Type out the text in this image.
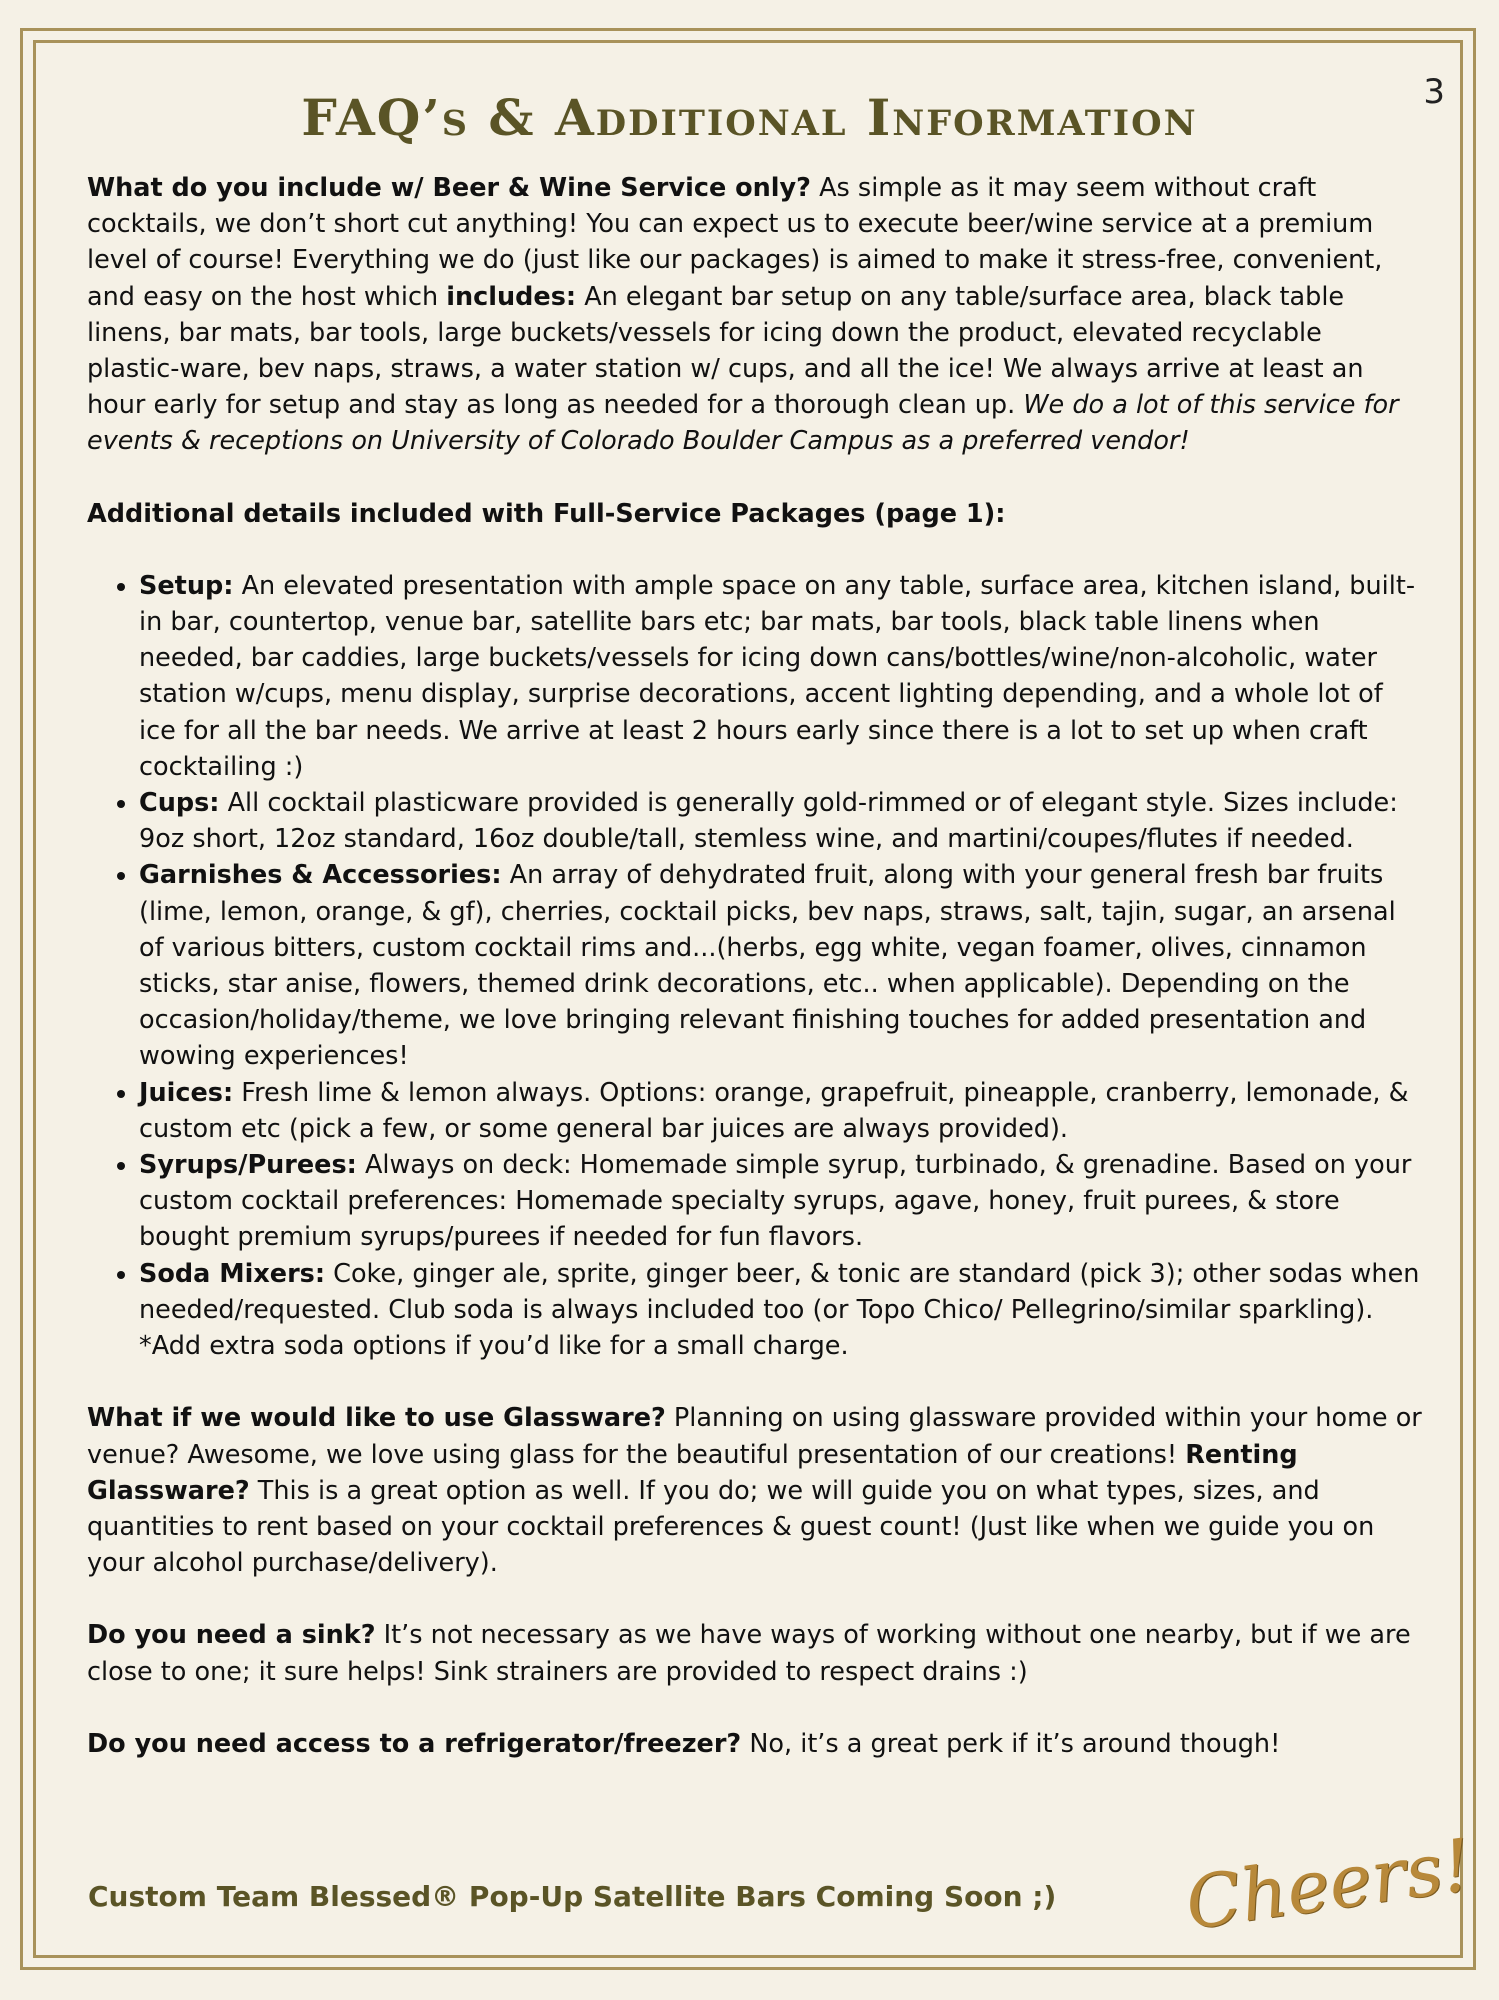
3
FAQ’s & Additional Information

What do you include w/ Beer & Wine Service only? As simple as it may seem without craft cocktails, we don’t short cut anything! You can expect us to execute beer/wine service at a premium level of course! Everything we do (just like our packages) is aimed to make it stress-free, convenient, and easy on the host which includes: An elegant bar setup on any table/surface area, black table linens, bar mats, bar tools, large buckets/vessels for icing down the product, elevated recyclable plastic-ware, bev naps, straws, a water station w/ cups, and all the ice! We always arrive at least an hour early for setup and stay as long as needed for a thorough clean up. We do a lot of this service for events & receptions on University of Colorado Boulder Campus as a preferred vendor!

Additional details included with Full-Service Packages (page 1):

• Setup: An elevated presentation with ample space on any table, surface area, kitchen island, built-in bar, countertop, venue bar, satellite bars etc; bar mats, bar tools, black table linens when needed, bar caddies, large buckets/vessels for icing down cans/bottles/wine/non-alcoholic, water station w/cups, menu display, surprise decorations, accent lighting depending, and a whole lot of ice for all the bar needs. We arrive at least 2 hours early since there is a lot to set up when craft cocktailing :)
• Cups: All cocktail plasticware provided is generally gold-rimmed or of elegant style. Sizes include: 9oz short, 12oz standard, 16oz double/tall, stemless wine, and martini/coupes/flutes if needed.
• Garnishes & Accessories: An array of dehydrated fruit, along with your general fresh bar fruits (lime, lemon, orange, & gf), cherries, cocktail picks, bev naps, straws, salt, tajin, sugar, an arsenal of various bitters, custom cocktail rims and...(herbs, egg white, vegan foamer, olives, cinnamon sticks, star anise, flowers, themed drink decorations, etc.. when applicable). Depending on the occasion/holiday/theme, we love bringing relevant finishing touches for added presentation and wowing experiences!
• Juices: Fresh lime & lemon always. Options: orange, grapefruit, pineapple, cranberry, lemonade, & custom etc (pick a few, or some general bar juices are always provided).
• Syrups/Purees: Always on deck: Homemade simple syrup, turbinado, & grenadine. Based on your custom cocktail preferences: Homemade specialty syrups, agave, honey, fruit purees, & store bought premium syrups/purees if needed for fun flavors.
• Soda Mixers: Coke, ginger ale, sprite, ginger beer, & tonic are standard (pick 3); other sodas when needed/requested. Club soda is always included too (or Topo Chico/ Pellegrino/similar sparkling). *Add extra soda options if you’d like for a small charge.

What if we would like to use Glassware? Planning on using glassware provided within your home or venue? Awesome, we love using glass for the beautiful presentation of our creations! Renting Glassware? This is a great option as well. If you do; we will guide you on what types, sizes, and quantities to rent based on your cocktail preferences & guest count! (Just like when we guide you on your alcohol purchase/delivery).

Do you need a sink? It’s not necessary as we have ways of working without one nearby, but if we are close to one; it sure helps! Sink strainers are provided to respect drains :)

Do you need access to a refrigerator/freezer? No, it’s a great perk if it’s around though!

Custom Team Blessed® Pop-Up Satellite Bars Coming Soon ;) Cheers!
